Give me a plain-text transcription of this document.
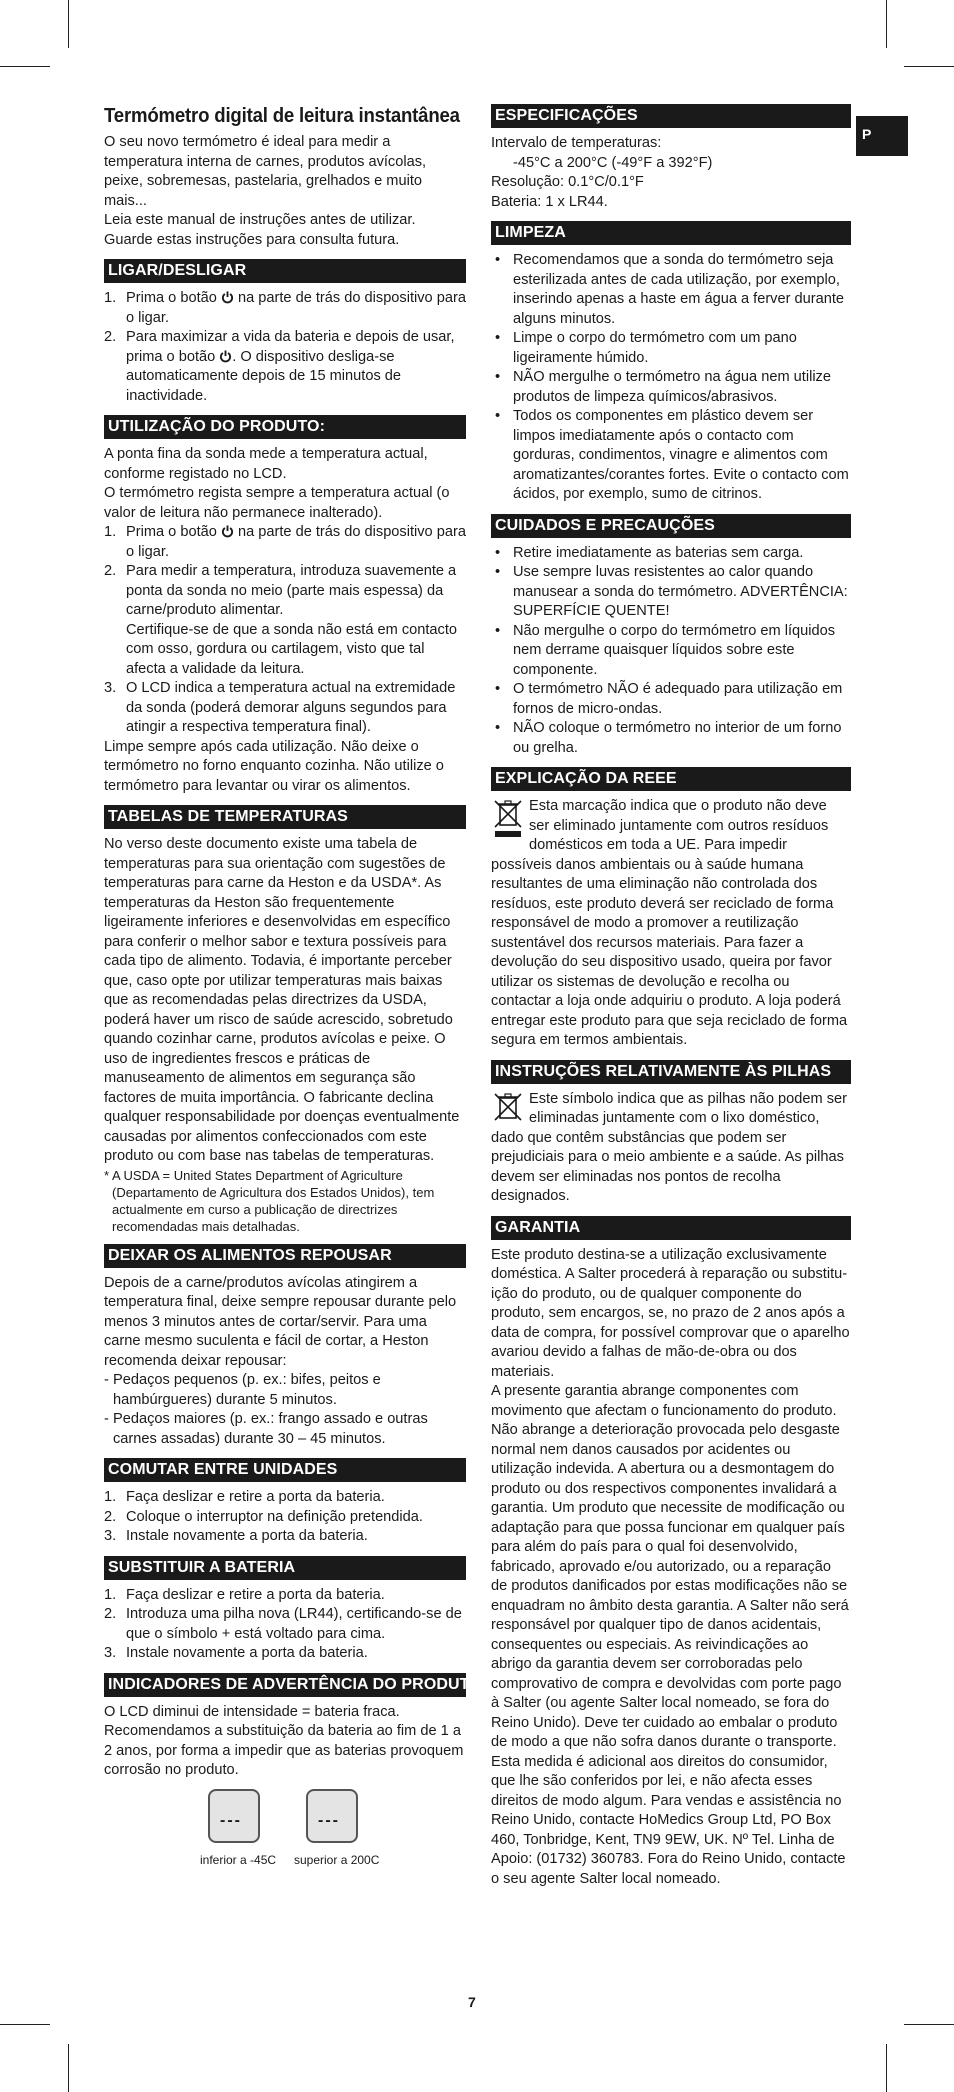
P
Termómetro digital de leitura instantânea

O seu novo termómetro é ideal para medir a temperatura interna de carnes, produtos avícolas, peixe, sobremesas, pastelaria, grelhados e muito mais...

Leia este manual de instruções antes de utilizar. Guarde estas instruções para consulta futura.

LIGAR/DESLIGAR
1. Prima o botão  na parte de trás do dispositivo para o ligar.
2. Para maximizar a vida da bateria e depois de usar, prima o botão . O dispositivo desliga-se automaticamente depois de 15 minutos de inactividade.
UTILIZAÇÃO DO PRODUTO:

A ponta fina da sonda mede a temperatura actual, conforme registado no LCD.

O termómetro regista sempre a temperatura actual (o valor de leitura não permanece inalterado).

1. Prima o botão  na parte de trás do dispositivo para o ligar.
2. Para medir a temperatura, introduza suavemente a ponta da sonda no meio (parte mais espessa) da carne/produto alimentar.
Certifique-se de que a sonda não está em contacto com osso, gordura ou cartilagem, visto que tal afecta a validade da leitura.
3. O LCD indica a temperatura actual na extremidade da sonda (poderá demorar alguns segundos para atingir a respectiva temperatura final).

Limpe sempre após cada utilização. Não deixe o termómetro no forno enquanto cozinha. Não utilize o termómetro para levantar ou virar os alimentos.

TABELAS DE TEMPERATURAS

No verso deste documento existe uma tabela de temperaturas para sua orientação com sugestões de temperaturas para carne da Heston e da USDA*. As temperaturas da Heston são frequentemente ligeiramente inferiores e desenvolvidas em específico para conferir o melhor sabor e textura possíveis para cada tipo de alimento. Todavia, é importante perceber que, caso opte por utilizar temperaturas mais baixas que as recomendadas pelas directrizes da USDA, poderá haver um risco de saúde acrescido, sobretudo quando cozinhar carne, produtos avícolas e peixe. O uso de ingredientes frescos e práticas de manuseamento de alimentos em segurança são factores de muita importância. O fabricante declina qualquer responsabilidade por doenças eventualmente causadas por alimentos confeccionados com este produto ou com base nas tabelas de temperaturas.

* A USDA = United States Department of Agriculture
(Departamento de Agricultura dos Estados Unidos), tem actualmente em curso a publicação de directrizes recomendadas mais detalhadas.
DEIXAR OS ALIMENTOS REPOUSAR

Depois de a carne/produtos avícolas atingirem a temperatura final, deixe sempre repousar durante pelo menos 3 minutos antes de cortar/servir. Para uma carne mesmo suculenta e fácil de cortar, a Heston recomenda deixar repousar:

- Pedaços pequenos (p. ex.: bifes, peitos e hambúrgueres) durante 5 minutos.
- Pedaços maiores (p. ex.: frango assado e outras carnes assadas) durante 30 – 45 minutos.
COMUTAR ENTRE UNIDADES
1. Faça deslizar e retire a porta da bateria.
2. Coloque o interruptor na definição pretendida.
3. Instale novamente a porta da bateria.
SUBSTITUIR A BATERIA
1. Faça deslizar e retire a porta da bateria.
2. Introduza uma pilha nova (LR44), certificando-se de que o símbolo + está voltado para cima.
3. Instale novamente a porta da bateria.
INDICADORES DE ADVERTÊNCIA DO PRODUTO

O LCD diminui de intensidade = bateria fraca.

Recomendamos a substituição da bateria ao fim de 1 a 2 anos, por forma a impedir que as baterias provoquem corrosão no produto.

---
inferior a -45C
---
superior a 200C
ESPECIFICAÇÕES

Intervalo de temperaturas:

-45°C a 200°C (-49°F a 392°F)

Resolução: 0.1°C/0.1°F

Bateria: 1 x LR44.

LIMPEZA
• Recomendamos que a sonda do termómetro seja esterilizada antes de cada utilização, por exemplo, inserindo apenas a haste em água a ferver durante alguns minutos.
• Limpe o corpo do termómetro com um pano ligeiramente húmido.
• NÃO mergulhe o termómetro na água nem utilize produtos de limpeza químicos/abrasivos.
• Todos os componentes em plástico devem ser limpos imediatamente após o contacto com gorduras, condimentos, vinagre e alimentos com aromatizantes/corantes fortes. Evite o contacto com ácidos, por exemplo, sumo de citrinos.
CUIDADOS E PRECAUÇÕES
• Retire imediatamente as baterias sem carga.
• Use sempre luvas resistentes ao calor quando manusear a sonda do termómetro. ADVERTÊNCIA: SUPERFÍCIE QUENTE!
• Não mergulhe o corpo do termómetro em líquidos nem derrame quaisquer líquidos sobre este componente.
• O termómetro NÃO é adequado para utilização em fornos de micro-ondas.
• NÃO coloque o termómetro no interior de um forno ou grelha.
EXPLICAÇÃO DA REEE

Esta marcação indica que o produto não deve ser eliminado juntamente com outros resíduos domésticos em toda a UE. Para impedir possíveis danos ambientais ou à saúde humana resultantes de uma eliminação não controlada dos resíduos, este produto deverá ser reciclado de forma responsável de modo a promover a reutilização sustentável dos recursos materiais. Para fazer a devolução do seu dispositivo usado, queira por favor utilizar os sistemas de devolução e recolha ou contactar a loja onde adquiriu o produto. A loja poderá entregar este produto para que seja reciclado de forma segura em termos ambientais.

INSTRUÇÕES RELATIVAMENTE ÀS PILHAS

Este símbolo indica que as pilhas não podem ser eliminadas juntamente com o lixo doméstico, dado que contêm substâncias que podem ser prejudiciais para o meio ambiente e a saúde. As pilhas devem ser eliminadas nos pontos de recolha designados.

GARANTIA

Este produto destina-se a utilização exclusivamente doméstica. A Salter procederá à reparação ou substitu-ição do produto, ou de qualquer componente do produto, sem encargos, se, no prazo de 2 anos após a data de compra, for possível comprovar que o aparelho avariou devido a falhas de mão-de-obra ou dos materiais.

A presente garantia abrange componentes com movimento que afectam o funcionamento do produto. Não abrange a deterioração provocada pelo desgaste normal nem danos causados por acidentes ou utilização indevida. A abertura ou a desmontagem do produto ou dos respectivos componentes invalidará a garantia. Um produto que necessite de modificação ou adaptação para que possa funcionar em qualquer país para além do país para o qual foi desenvolvido, fabricado, aprovado e/ou autorizado, ou a reparação de produtos danificados por estas modificações não se enquadram no âmbito desta garantia. A Salter não será responsável por qualquer tipo de danos acidentais, consequentes ou especiais. As reivindicações ao abrigo da garantia devem ser corroboradas pelo comprovativo de compra e devolvidas com porte pago à Salter (ou agente Salter local nomeado, se fora do Reino Unido). Deve ter cuidado ao embalar o produto de modo a que não sofra danos durante o transporte. Esta medida é adicional aos direitos do consumidor, que lhe são conferidos por lei, e não afecta esses direitos de modo algum. Para vendas e assistência no Reino Unido, contacte HoMedics Group Ltd, PO Box 460, Tonbridge, Kent, TN9 9EW, UK. Nº Tel. Linha de Apoio: (01732) 360783. Fora do Reino Unido, contacte o seu agente Salter local nomeado.

7
